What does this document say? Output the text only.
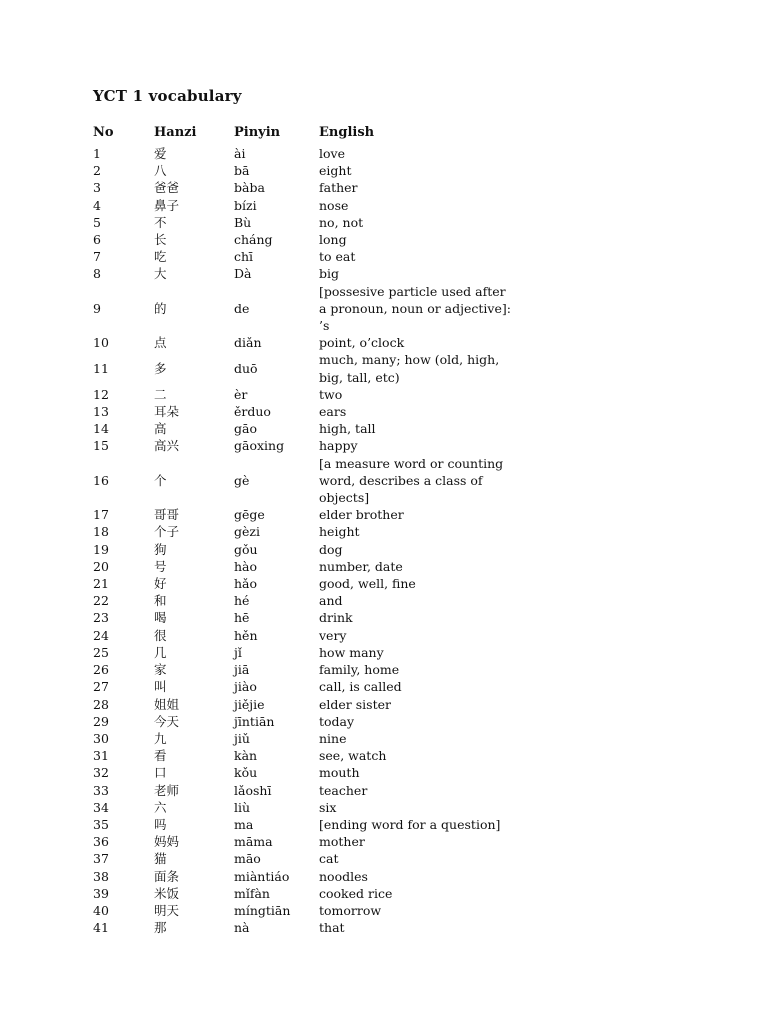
YCT 1 vocabulary
No	Hanzi	Pinyin	English
1	爱	ài	love
2	八	bā	eight
3	爸爸	bàba	father
4	鼻子	bízi	nose
5	不	Bù	no, not
6	长	cháng	long
7	吃	chī	to eat
8	大	Dà	big
9	的	de	[possesive particle used after a pronoun, noun or adjective]: ’s
10	点	diǎn	point, o’clock
11	多	duō	much, many; how (old, high, big, tall, etc)
12	二	èr	two
13	耳朵	ěrduo	ears
14	高	gāo	high, tall
15	高兴	gāoxing	happy
16	个	gè	[a measure word or counting word, describes a class of objects]
17	哥哥	gēge	elder brother
18	个子	gèzi	height
19	狗	gǒu	dog
20	号	hào	number, date
21	好	hǎo	good, well, fine
22	和	hé	and
23	喝	hē	drink
24	很	hěn	very
25	几	jǐ	how many
26	家	jiā	family, home
27	叫	jiào	call, is called
28	姐姐	jiějie	elder sister
29	今天	jīntiān	today
30	九	jiǔ	nine
31	看	kàn	see, watch
32	口	kǒu	mouth
33	老师	lǎoshī	teacher
34	六	liù	six
35	吗	ma	[ending word for a question]
36	妈妈	māma	mother
37	猫	māo	cat
38	面条	miàntiáo	noodles
39	米饭	mǐfàn	cooked rice
40	明天	míngtiān	tomorrow
41	那	nà	that
